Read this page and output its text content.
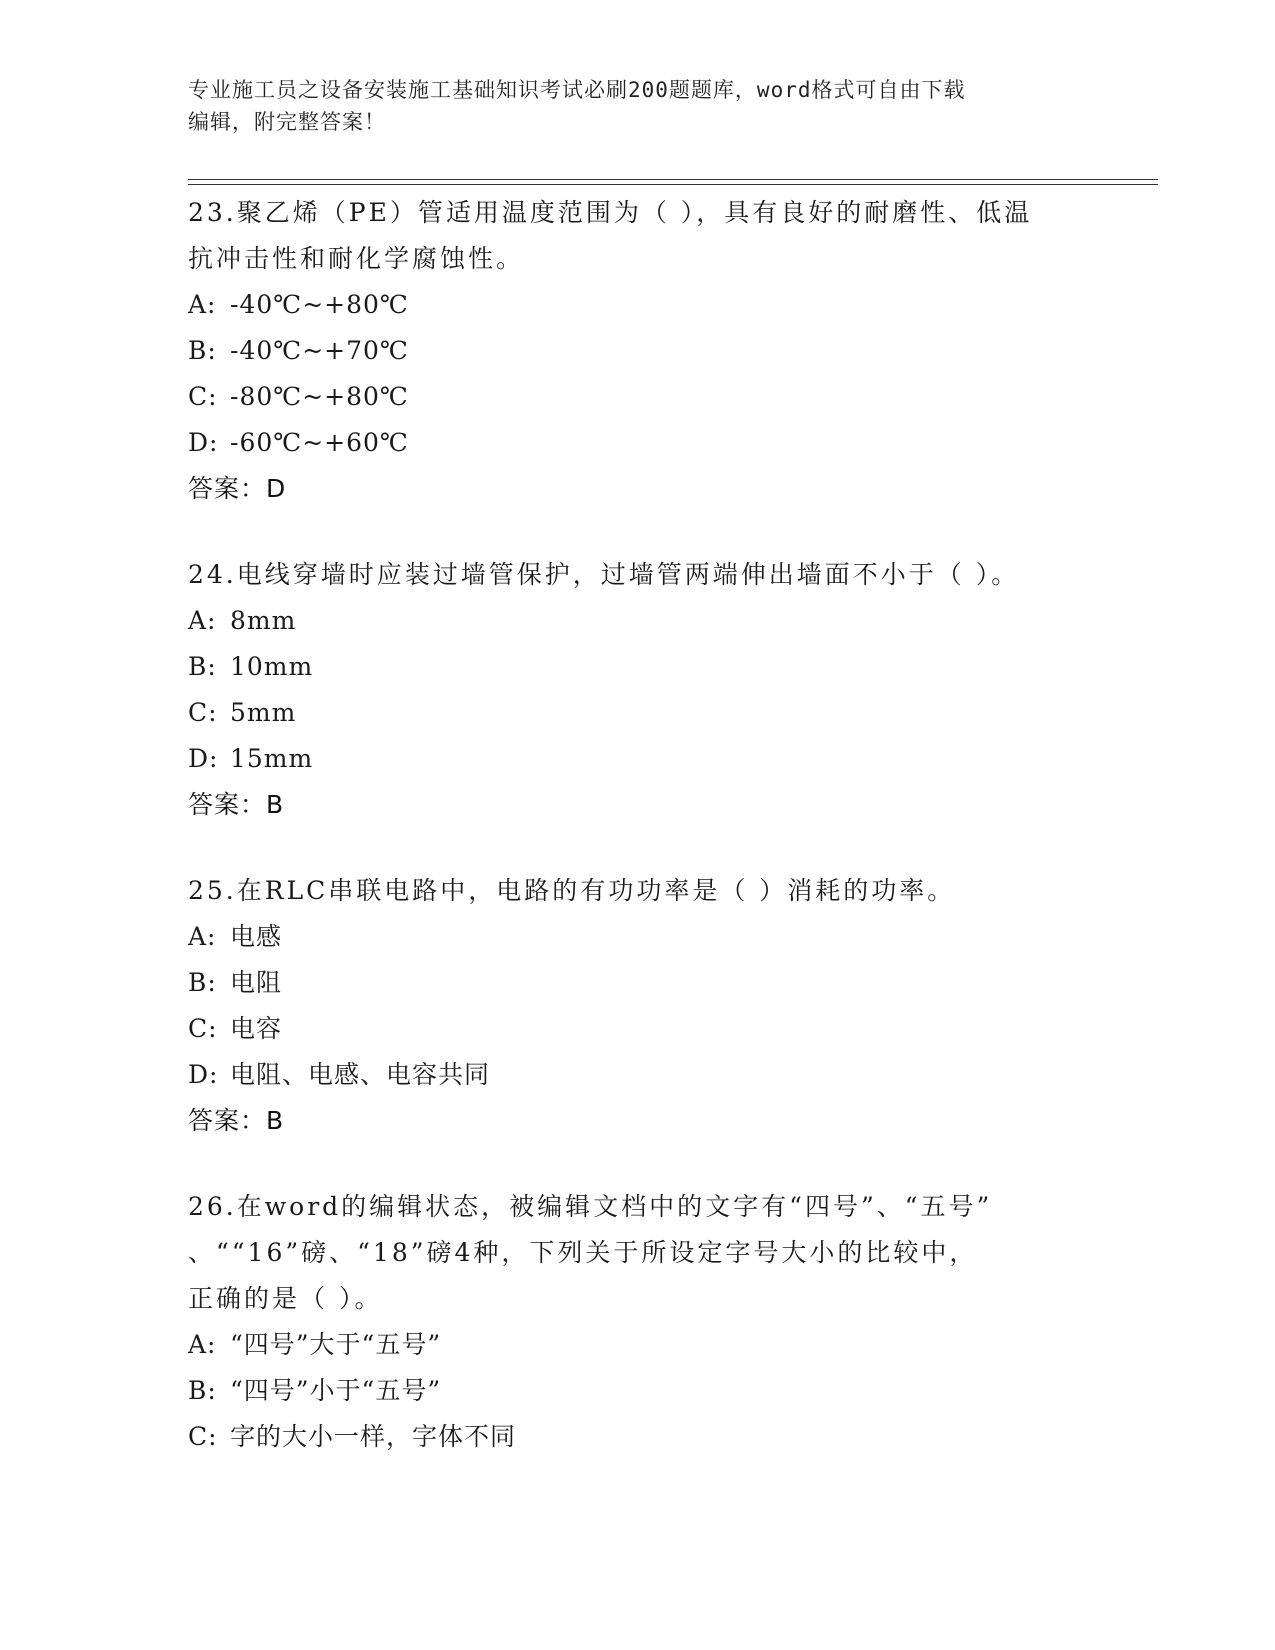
专业施工员之设备安装施工基础知识考试必刷200题题库，word格式可自由下载
编辑，附完整答案！
23.聚乙烯（PE）管适用温度范围为（ ），具有良好的耐磨性、低温
抗冲击性和耐化学腐蚀性。
A: -40℃~+80℃
B: -40℃~+70℃
C: -80℃~+80℃
D: -60℃~+60℃
答案：D
24.电线穿墙时应装过墙管保护，过墙管两端伸出墙面不小于（ ）。
A: 8mm
B: 10mm
C: 5mm
D: 15mm
答案：B
25.在RLC串联电路中，电路的有功功率是（ ）消耗的功率。
A: 电感
B: 电阻
C: 电容
D: 电阻、电感、电容共同
答案：B
26.在word的编辑状态，被编辑文档中的文字有“四号”、“五号”
、““16”磅、“18”磅4种，下列关于所设定字号大小的比较中，
正确的是（ ）。
A: “四号”大于“五号”
B: “四号”小于“五号”
C: 字的大小一样，字体不同
